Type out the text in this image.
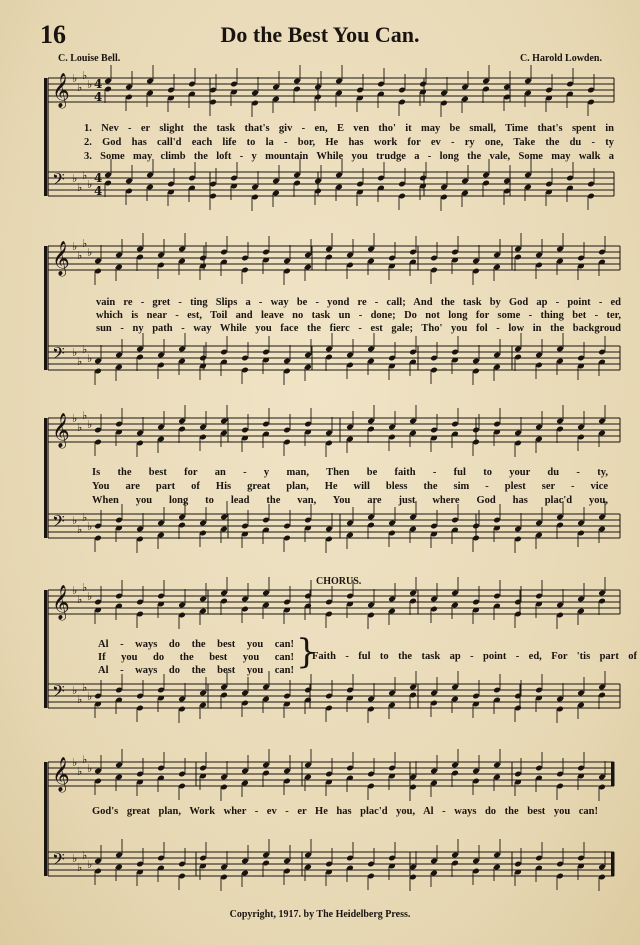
16	Do the Best You Can.
C. Louise Bell.	C. Harold Lowden.
𝄞 ♭
♭
♭
♭ 4
4
𝄢 ♭
♭
♭
♭ 4
4
𝄞 ♭
♭
♭
♭
𝄢 ♭
♭
♭
♭
𝄞 ♭
♭
♭
♭
𝄢 ♭
♭
♭
♭
𝄞 ♭
♭
♭
♭
𝄢 ♭
♭
♭
♭
𝄞 ♭
♭
♭
♭
𝄢 ♭
♭
♭
♭
1. Nev - er slight the task that's giv - en, E ven tho' it may be small, Time that's spent in
2. God has call'd each life to la - bor, He has work for ev - ry one, Take the du - ty
3. Some may climb the loft - y mountain While you trudge a - long the vale, Some may walk a
vain re - gret - ting Slips a - way be - yond re - call; And the task by God ap - point - ed
which is near - est, Toil and leave no task un - done; Do not long for some - thing bet - ter,
sun - ny path - way While you face the fierc - est gale; Tho' you fol - low in the backgroud
Is the best for an - y man, Then be faith - ful to your du - ty,
You are part of His great plan, He will bless the sim - plest ser - vice
When you long to lead the van, You are just where God has plac'd you,
CHORUS.
Al - ways do the best you can!
If you do the best you can!
Al - ways do the best you can! }
Faith - ful to the task ap - point - ed, For 'tis part of
God's great plan, Work wher - ev - er He has plac'd you, Al - ways do the best you can!
Copyright, 1917. by The Heidelberg Press.
